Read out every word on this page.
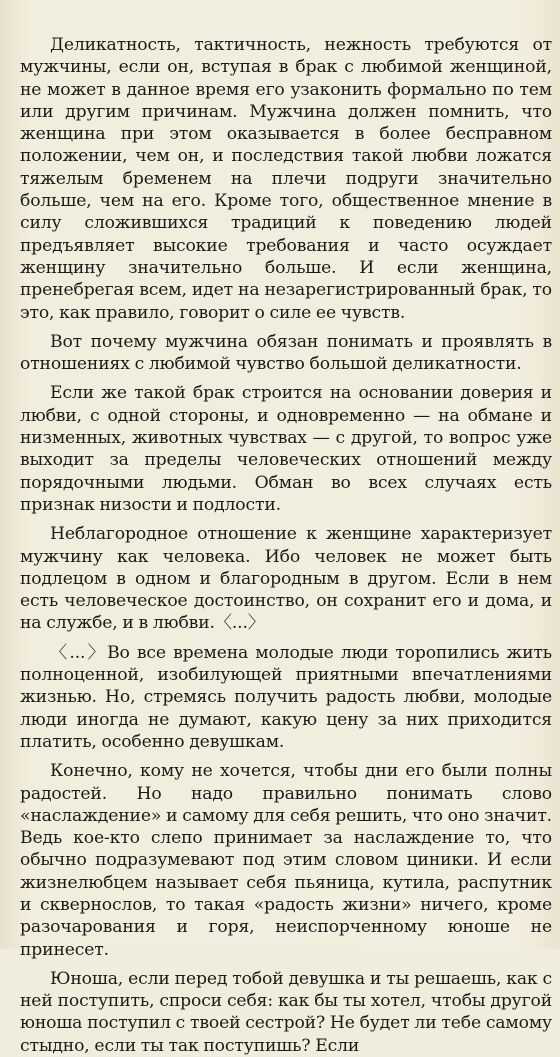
Деликатность, тактичность, нежность требуются от мужчины, если он, вступая в брак с любимой женщиной, не может в данное время его узаконить формально по тем или другим причинам. Мужчина должен помнить, что женщина при этом оказывается в более бесправном положении, чем он, и последствия такой любви ложатся тяжелым бременем на плечи подруги значительно больше, чем на его. Кроме того, общественное мнение в силу сложившихся традиций к поведению людей предъявляет высокие требования и часто осуждает женщину значительно больше. И если женщина, пренебрегая всем, идет на незарегистрированный брак, то это, как правило, говорит о силе ее чувств.

Вот почему мужчина обязан понимать и проявлять в отношениях с любимой чувство большой деликатности.

Если же такой брак строится на основании доверия и любви, с одной стороны, и одновременно — на обмане и низменных, животных чувствах — с другой, то вопрос уже выходит за пределы человеческих отношений между порядочными людьми. Обман во всех случаях есть признак низости и подлости.

Неблагородное отношение к женщине характеризует мужчину как человека. Ибо человек не может быть подлецом в одном и благородным в другом. Если в нем есть человеческое достоинство, он сохранит его и дома, и на службе, и в любви.〈...〉

〈...〉Во все времена молодые люди торопились жить полноценной, изобилующей приятными впечатлениями жизнью. Но, стремясь получить радость любви, молодые люди иногда не думают, какую цену за них приходится платить, особенно девушкам.

Конечно, кому не хочется, чтобы дни его были полны радостей. Но надо правильно понимать слово «наслаждение» и самому для себя решить, что оно значит. Ведь кое-кто слепо принимает за наслаждение то, что обычно подразумевают под этим словом циники. И если жизнелюбцем называет себя пьяница, кутила, распутник и сквернослов, то такая «радость жизни» ничего, кроме разочарования и горя, неиспорченному юноше не принесет.

Юноша, если перед тобой девушка и ты решаешь, как с ней поступить, спроси себя: как бы ты хотел, чтобы другой юноша поступил с твоей сестрой? Не будет ли тебе самому стыдно, если ты так поступишь? Если
